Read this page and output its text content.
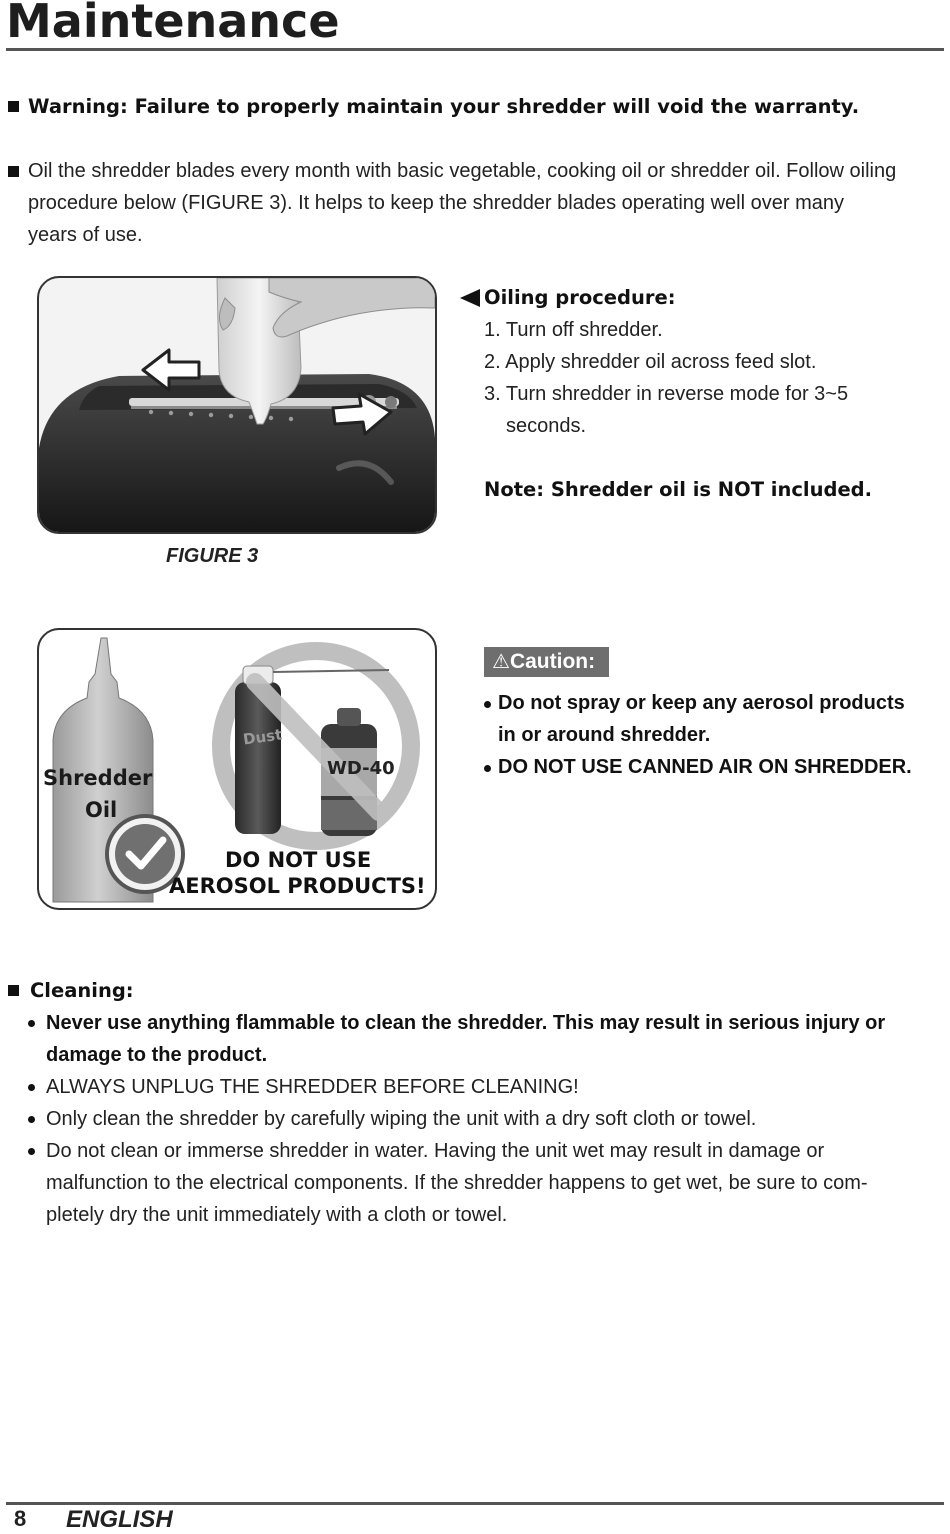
Maintenance
Warning: Failure to properly maintain your shredder will void the warranty.
Oil the shredder blades every month with basic vegetable, cooking oil or shredder oil. Follow oiling
procedure below (FIGURE 3). It helps to keep the shredder blades operating well over many
years of use.
Oiling procedure:
1. Turn off shredder.
2. Apply shredder oil across feed slot.
3. Turn shredder in reverse mode for 3~5
seconds.
Note: Shredder oil is NOT included.
FIGURE 3
Shredder
Oil
Dust
WD-40
DO NOT USE
AEROSOL PRODUCTS!
⚠Caution:
Do not spray or keep any aerosol products
in or around shredder.
DO NOT USE CANNED AIR ON SHREDDER.
Cleaning:
Never use anything flammable to clean the shredder. This may result in serious injury or
damage to the product.
ALWAYS UNPLUG THE SHREDDER BEFORE CLEANING!
Only clean the shredder by carefully wiping the unit with a dry soft cloth or towel.
Do not clean or immerse shredder in water. Having the unit wet may result in damage or
malfunction to the electrical components. If the shredder happens to get wet, be sure to com-
pletely dry the unit immediately with a cloth or towel.
8 ENGLISH
